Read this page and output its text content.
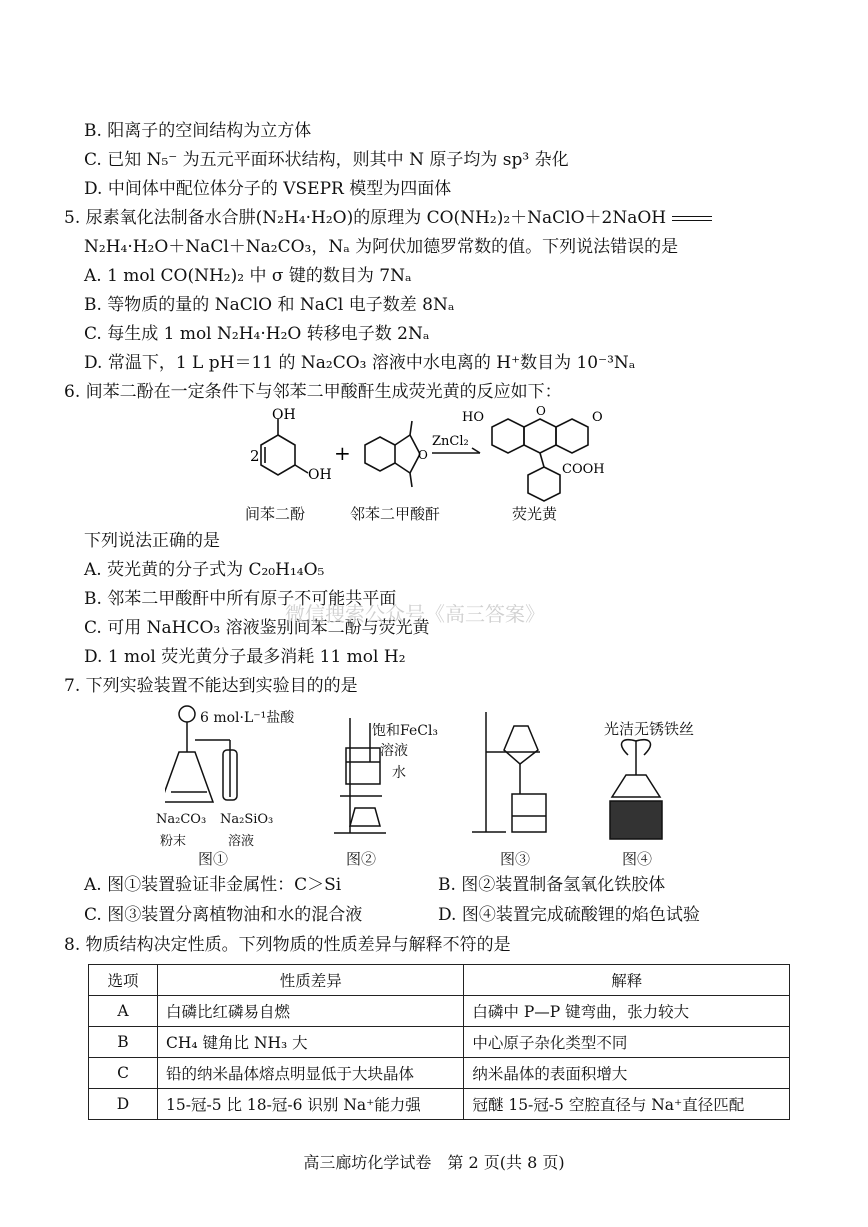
B. 阳离子的空间结构为立方体
C. 已知 N₅⁻ 为五元平面环状结构，则其中 N 原子均为 sp³ 杂化
D. 中间体中配位体分子的 VSEPR 模型为四面体
5. 尿素氧化法制备水合肼(N₂H₄·H₂O)的原理为 CO(NH₂)₂＋NaClO＋2NaOH
N₂H₄·H₂O＋NaCl＋Na₂CO₃，Nₐ 为阿伏加德罗常数的值。下列说法错误的是
A. 1 mol CO(NH₂)₂ 中 σ 键的数目为 7Nₐ
B. 等物质的量的 NaClO 和 NaCl 电子数差 8Nₐ
C. 每生成 1 mol N₂H₄·H₂O 转移电子数 2Nₐ
D. 常温下，1 L pH＝11 的 Na₂CO₃ 溶液中水电离的 H⁺数目为 10⁻³Nₐ
6. 间苯二酚在一定条件下与邻苯二甲酸酐生成荧光黄的反应如下：
OH
OH
2	+	O
ZnCl₂
HO	O	O
COOH
间苯二酚	邻苯二甲酸酐	荧光黄
下列说法正确的是
A. 荧光黄的分子式为 C₂₀H₁₄O₅
B. 邻苯二甲酸酐中所有原子不可能共平面
C. 可用 NaHCO₃ 溶液鉴别间苯二酚与荧光黄
D. 1 mol 荧光黄分子最多消耗 11 mol H₂
微信搜索公众号《高三答案》
7. 下列实验装置不能达到实验目的的是
6 mol·L⁻¹盐酸
Na₂CO₃
粉末
Na₂SiO₃
溶液
图①
饱和FeCl₃
溶液
水
图②	图③
光洁无锈铁丝
图④
A. 图①装置验证非金属性：C＞Si	B. 图②装置制备氢氧化铁胶体
C. 图③装置分离植物油和水的混合液	D. 图④装置完成硫酸锂的焰色试验
8. 物质结构决定性质。下列物质的性质差异与解释不符的是
选项	性质差异	解释
A	白磷比红磷易自燃	白磷中 P—P 键弯曲，张力较大
B	CH₄ 键角比 NH₃ 大	中心原子杂化类型不同
C	铅的纳米晶体熔点明显低于大块晶体	纳米晶体的表面积增大
D	15-冠-5 比 18-冠-6 识别 Na⁺能力强	冠醚 15-冠-5 空腔直径与 Na⁺直径匹配
高三廊坊化学试卷　第 2 页(共 8 页)
